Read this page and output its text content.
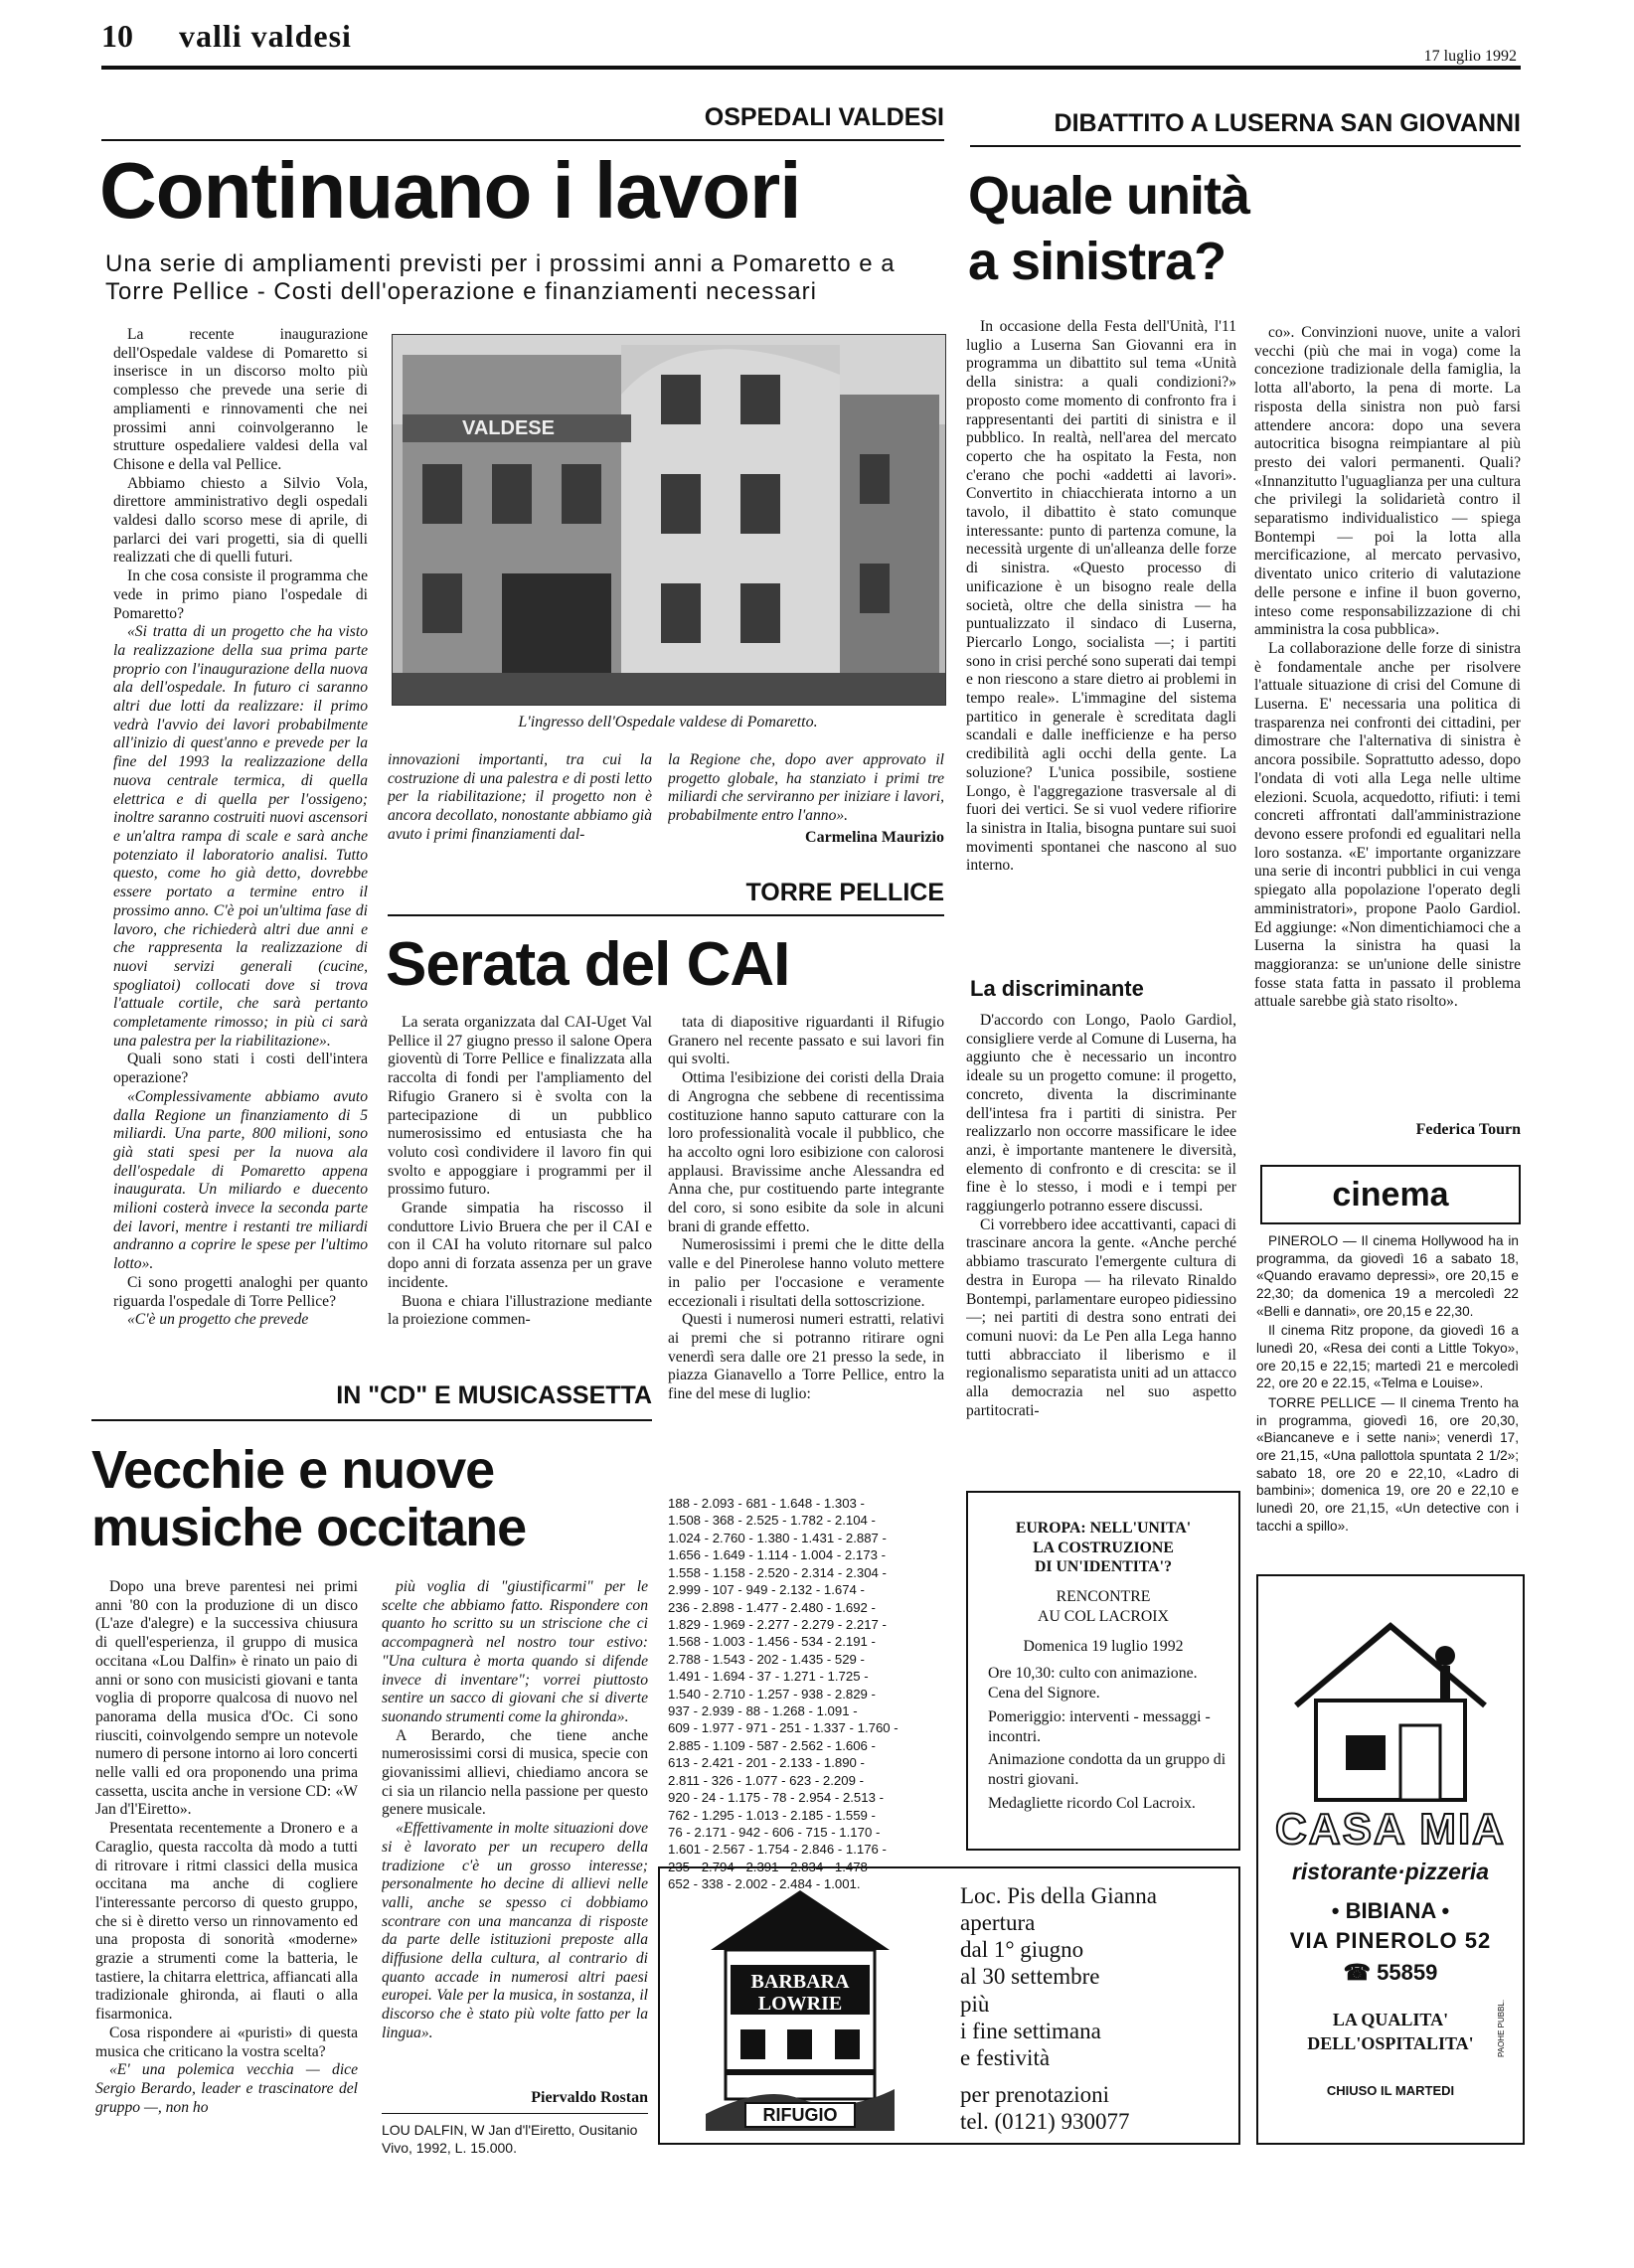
10 valli valdesi
17 luglio 1992
OSPEDALI VALDESI
Continuano i lavori
Una serie di ampliamenti previsti per i prossimi anni a Pomaretto e a Torre Pellice - Costi dell'operazione e finanziamenti necessari

La recente inaugurazione dell'Ospedale valdese di Pomaretto si inserisce in un discorso molto più complesso che prevede una serie di ampliamenti e rinnovamenti che nei prossimi anni coinvolgeranno le strutture ospedaliere valdesi della val Chisone e della val Pellice.

Abbiamo chiesto a Silvio Vola, direttore amministrativo degli ospedali valdesi dallo scorso mese di aprile, di parlarci dei vari progetti, sia di quelli realizzati che di quelli futuri.

In che cosa consiste il programma che vede in primo piano l'ospedale di Pomaretto?

«Si tratta di un progetto che ha visto la realizzazione della sua prima parte proprio con l'inaugurazione della nuova ala dell'ospedale. In futuro ci saranno altri due lotti da realizzare: il primo vedrà l'avvio dei lavori probabilmente all'inizio di quest'anno e prevede per la fine del 1993 la realizzazione della nuova centrale termica, di quella elettrica e di quella per l'ossigeno; inoltre saranno costruiti nuovi ascensori e un'altra rampa di scale e sarà anche potenziato il laboratorio analisi. Tutto questo, come ho già detto, dovrebbe essere portato a termine entro il prossimo anno. C'è poi un'ultima fase di lavoro, che richiederà altri due anni e che rappresenta la realizzazione di nuovi servizi generali (cucine, spogliatoi) collocati dove si trova l'attuale cortile, che sarà pertanto completamente rimosso; in più ci sarà una palestra per la riabilitazione».

Quali sono stati i costi dell'intera operazione?

«Complessivamente abbiamo avuto dalla Regione un finanziamento di 5 miliardi. Una parte, 800 milioni, sono già stati spesi per la nuova ala dell'ospedale di Pomaretto appena inaugurata. Un miliardo e duecento milioni costerà invece la seconda parte dei lavori, mentre i restanti tre miliardi andranno a coprire le spese per l'ultimo lotto».

Ci sono progetti analoghi per quanto riguarda l'ospedale di Torre Pellice?

«C'è un progetto che prevede

VALDESE
L'ingresso dell'Ospedale valdese di Pomaretto.

innovazioni importanti, tra cui la costruzione di una palestra e di posti letto per la riabilitazione; il progetto non è ancora decollato, nonostante abbiamo già avuto i primi finanziamenti dal-

la Regione che, dopo aver approvato il progetto globale, ha stanziato i primi tre miliardi che serviranno per iniziare i lavori, probabilmente entro l'anno».

Carmelina Maurizio
TORRE PELLICE
Serata del CAI

La serata organizzata dal CAI-Uget Val Pellice il 27 giugno presso il salone Opera gioventù di Torre Pellice e finalizzata alla raccolta di fondi per l'ampliamento del Rifugio Granero si è svolta con la partecipazione di un pubblico numerosissimo ed entusiasta che ha voluto così condividere il lavoro fin qui svolto e appoggiare i programmi per il prossimo futuro.

Grande simpatia ha riscosso il conduttore Livio Bruera che per il CAI e con il CAI ha voluto ritornare sul palco dopo anni di forzata assenza per un grave incidente.

Buona e chiara l'illustrazione mediante la proiezione commen-

tata di diapositive riguardanti il Rifugio Granero nel recente passato e sui lavori fin qui svolti.

Ottima l'esibizione dei coristi della Draia di Angrogna che sebbene di recentissima costituzione hanno saputo catturare con la loro professionalità vocale il pubblico, che ha accolto ogni loro esibizione con calorosi applausi. Bravissime anche Alessandra ed Anna che, pur costituendo parte integrante del coro, si sono esibite da sole in alcuni brani di grande effetto.

Numerosissimi i premi che le ditte della valle e del Pinerolese hanno voluto mettere in palio per l'occasione e veramente eccezionali i risultati della sottoscrizione.

Questi i numerosi numeri estratti, relativi ai premi che si potranno ritirare ogni venerdì sera dalle ore 21 presso la sede, in piazza Gianavello a Torre Pellice, entro la fine del mese di luglio:

188 - 2.093 - 681 - 1.648 - 1.303 -
1.508 - 368 - 2.525 - 1.782 - 2.104 -
1.024 - 2.760 - 1.380 - 1.431 - 2.887 -
1.656 - 1.649 - 1.114 - 1.004 - 2.173 -
1.558 - 1.158 - 2.520 - 2.314 - 2.304 -
2.999 - 107 - 949 - 2.132 - 1.674 -
236 - 2.898 - 1.477 - 2.480 - 1.692 -
1.829 - 1.969 - 2.277 - 2.279 - 2.217 -
1.568 - 1.003 - 1.456 - 534 - 2.191 -
2.788 - 1.543 - 202 - 1.435 - 529 -
1.491 - 1.694 - 37 - 1.271 - 1.725 -
1.540 - 2.710 - 1.257 - 938 - 2.829 -
937 - 2.939 - 88 - 1.268 - 1.091 -
609 - 1.977 - 971 - 251 - 1.337 - 1.760 -
2.885 - 1.109 - 587 - 2.562 - 1.606 -
613 - 2.421 - 201 - 2.133 - 1.890 -
2.811 - 326 - 1.077 - 623 - 2.209 -
920 - 24 - 1.175 - 78 - 2.954 - 2.513 -
762 - 1.295 - 1.013 - 2.185 - 1.559 -
76 - 2.171 - 942 - 606 - 715 - 1.170 -
1.601 - 2.567 - 1.754 - 2.846 - 1.176 -
235 - 2.794 - 2.391 - 2.834 - 1.478 -
652 - 338 - 2.002 - 2.484 - 1.001.
IN "CD" E MUSICASSETTA
Vecchie e nuove
musiche occitane

Dopo una breve parentesi nei primi anni '80 con la produzione di un disco (L'aze d'alegre) e la successiva chiusura di quell'esperienza, il gruppo di musica occitana «Lou Dalfin» è rinato un paio di anni or sono con musicisti giovani e tanta voglia di proporre qualcosa di nuovo nel panorama della musica d'Oc. Ci sono riusciti, coinvolgendo sempre un notevole numero di persone intorno ai loro concerti nelle valli ed ora proponendo una prima cassetta, uscita anche in versione CD: «W Jan d'l'Eiretto».

Presentata recentemente a Dronero e a Caraglio, questa raccolta dà modo a tutti di ritrovare i ritmi classici della musica occitana ma anche di cogliere l'interessante percorso di questo gruppo, che si è diretto verso un rinnovamento ed una proposta di sonorità «moderne» grazie a strumenti come la batteria, le tastiere, la chitarra elettrica, affiancati alla tradizionale ghironda, ai flauti o alla fisarmonica.

Cosa rispondere ai «puristi» di questa musica che criticano la vostra scelta?

«E' una polemica vecchia — dice Sergio Berardo, leader e trascinatore del gruppo —, non ho

più voglia di "giustificarmi" per le scelte che abbiamo fatto. Rispondere con quanto ho scritto su un striscione che ci accompagnerà nel nostro tour estivo: "Una cultura è morta quando si difende invece di inventare"; vorrei piuttosto sentire un sacco di giovani che si diverte suonando strumenti come la ghironda».

A Berardo, che tiene anche numerosissimi corsi di musica, specie con giovanissimi allievi, chiediamo ancora se ci sia un rilancio nella passione per questo genere musicale.

«Effettivamente in molte situazioni dove si è lavorato per un recupero della tradizione c'è un grosso interesse; personalmente ho decine di allievi nelle valli, anche se spesso ci dobbiamo scontrare con una mancanza di risposte da parte delle istituzioni preposte alla diffusione della cultura, al contrario di quanto accade in numerosi altri paesi europei. Vale per la musica, in sostanza, il discorso che è stato più volte fatto per la lingua».

Piervaldo Rostan
LOU DALFIN, W Jan d'l'Eiretto, Ousitanio Vivo, 1992, L. 15.000.
DIBATTITO A LUSERNA SAN GIOVANNI
Quale unità
a sinistra?

In occasione della Festa dell'Unità, l'11 luglio a Luserna San Giovanni era in programma un dibattito sul tema «Unità della sinistra: a quali condizioni?» proposto come momento di confronto fra i rappresentanti dei partiti di sinistra e il pubblico. In realtà, nell'area del mercato coperto che ha ospitato la Festa, non c'erano che pochi «addetti ai lavori». Convertito in chiacchierata intorno a un tavolo, il dibattito è stato comunque interessante: punto di partenza comune, la necessità urgente di un'alleanza delle forze di sinistra. «Questo processo di unificazione è un bisogno reale della società, oltre che della sinistra — ha puntualizzato il sindaco di Luserna, Piercarlo Longo, socialista —; i partiti sono in crisi perché sono superati dai tempi e non riescono a stare dietro ai problemi in tempo reale». L'immagine del sistema partitico in generale è screditata dagli scandali e dalle inefficienze e ha perso credibilità agli occhi della gente. La soluzione? L'unica possibile, sostiene Longo, è l'aggregazione trasversale al di fuori dei vertici. Se si vuol vedere rifiorire la sinistra in Italia, bisogna puntare sui suoi movimenti spontanei che nascono al suo interno.

La discriminante

D'accordo con Longo, Paolo Gardiol, consigliere verde al Comune di Luserna, ha aggiunto che è necessario un incontro ideale su un progetto comune: il progetto, concreto, diventa la discriminante dell'intesa fra i partiti di sinistra. Per realizzarlo non occorre massificare le idee anzi, è importante mantenere le diversità, elemento di confronto e di crescita: se il fine è lo stesso, i modi e i tempi per raggiungerlo potranno essere discussi.

Ci vorrebbero idee accattivanti, capaci di trascinare ancora la gente. «Anche perché abbiamo trascurato l'emergente cultura di destra in Europa — ha rilevato Rinaldo Bontempi, parlamentare europeo pidiessino —; nei partiti di destra sono entrati dei comuni nuovi: da Le Pen alla Lega hanno tutti abbracciato il liberismo e il regionalismo separatista uniti ad un attacco alla democrazia nel suo aspetto partitocrati-

co». Convinzioni nuove, unite a valori vecchi (più che mai in voga) come la concezione tradizionale della famiglia, la lotta all'aborto, la pena di morte. La risposta della sinistra non può farsi attendere ancora: dopo una severa autocritica bisogna reimpiantare al più presto dei valori permanenti. Quali? «Innanzitutto l'uguaglianza per una cultura che privilegi la solidarietà contro il separatismo individualistico — spiega Bontempi — poi la lotta alla mercificazione, al mercato pervasivo, diventato unico criterio di valutazione delle persone e infine il buon governo, inteso come responsabilizzazione di chi amministra la cosa pubblica».

La collaborazione delle forze di sinistra è fondamentale anche per risolvere l'attuale situazione di crisi del Comune di Luserna. E' necessaria una politica di trasparenza nei confronti dei cittadini, per dimostrare che l'alternativa di sinistra è ancora possibile. Soprattutto adesso, dopo l'ondata di voti alla Lega nelle ultime elezioni. Scuola, acquedotto, rifiuti: i temi concreti affrontati dall'amministrazione devono essere profondi ed egualitari nella loro sostanza. «E' importante organizzare una serie di incontri pubblici in cui venga spiegato alla popolazione l'operato degli amministratori», propone Paolo Gardiol. Ed aggiunge: «Non dimentichiamoci che a Luserna la sinistra ha quasi la maggioranza: se un'unione delle sinistre fosse stata fatta in passato il problema attuale sarebbe già stato risolto».

Federica Tourn
cinema

PINEROLO — Il cinema Hollywood ha in programma, da giovedì 16 a sabato 18, «Quando eravamo depressi», ore 20,15 e 22,30; da domenica 19 a mercoledì 22 «Belli e dannati», ore 20,15 e 22,30.

Il cinema Ritz propone, da giovedì 16 a lunedì 20, «Resa dei conti a Little Tokyo», ore 20,15 e 22,15; martedì 21 e mercoledì 22, ore 20 e 22.15, «Telma e Louise».

TORRE PELLICE — Il cinema Trento ha in programma, giovedì 16, ore 20,30, «Biancaneve e i sette nani»; venerdì 17, ore 21,15, «Una pallottola spuntata 2 1/2»; sabato 18, ore 20 e 22,10, «Ladro di bambini»; domenica 19, ore 20 e 22,10 e lunedì 20, ore 21,15, «Un detective con i tacchi a spillo».

EUROPA: NELL'UNITA'
LA COSTRUZIONE
DI UN'IDENTITA'?
RENCONTRE
AU COL LACROIX
Domenica 19 luglio 1992
Ore 10,30: culto con animazione. Cena del Signore.
Pomeriggio: interventi - messaggi - incontri.
Animazione condotta da un gruppo di nostri giovani.
Medagliette ricordo Col Lacroix.
BARBARA
LOWRIE
RIFUGIO
Loc. Pis della Gianna
apertura
dal 1° giugno
al 30 settembre
più
i fine settimana
e festività
per prenotazioni
tel. (0121) 930077
CASA MIA
ristorante·pizzeria
• BIBIANA •
VIA PINEROLO 52
☎ 55859
LA QUALITA'
DELL'OSPITALITA'
CHIUSO IL MARTEDI
PAOHE PUBBL.
